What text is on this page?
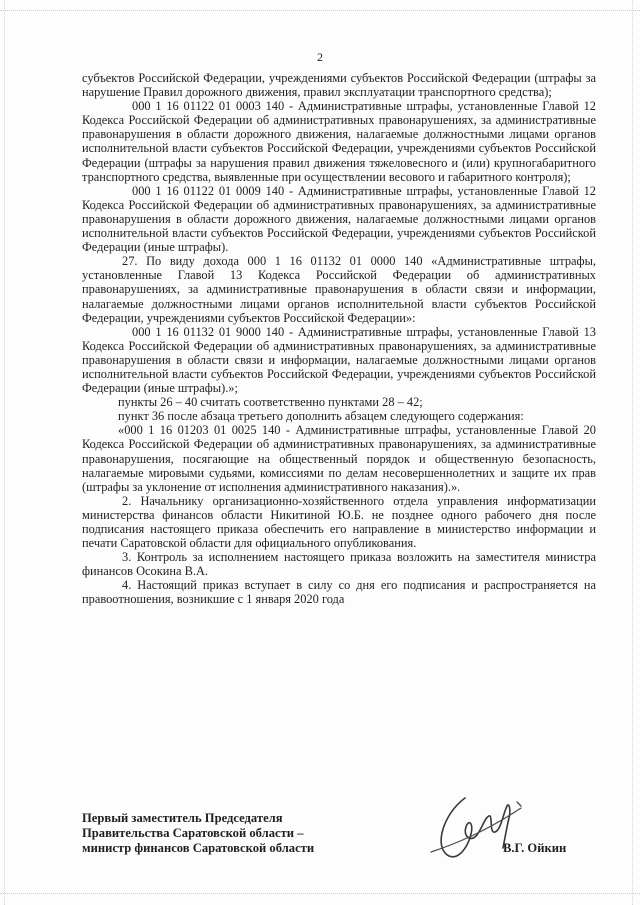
2

субъектов Российской Федерации, учреждениями субъектов Российской Федерации (штрафы за нарушение Правил дорожного движения, правил эксплуатации транспортного средства);

000 1 16 01122 01 0003 140 - Административные штрафы, установленные Главой 12 Кодекса Российской Федерации об административных правонарушениях, за административные правонарушения в области дорожного движения, налагаемые должностными лицами органов исполнительной власти субъектов Российской Федерации, учреждениями субъектов Российской Федерации (штрафы за нарушения правил движения тяжеловесного и (или) крупногабаритного транспортного средства, выявленные при осуществлении весового и габаритного контроля);

000 1 16 01122 01 0009 140 - Административные штрафы, установленные Главой 12 Кодекса Российской Федерации об административных правонарушениях, за административные правонарушения в области дорожного движения, налагаемые должностными лицами органов исполнительной власти субъектов Российской Федерации, учреждениями субъектов Российской Федерации (иные штрафы).

27. По виду дохода 000 1 16 01132 01 0000 140 «Административные штрафы, установленные Главой 13 Кодекса Российской Федерации об административных правонарушениях, за административные правонарушения в области связи и информации, налагаемые должностными лицами органов исполнительной власти субъектов Российской Федерации, учреждениями субъектов Российской Федерации»:

000 1 16 01132 01 9000 140 - Административные штрафы, установленные Главой 13 Кодекса Российской Федерации об административных правонарушениях, за административные правонарушения в области связи и информации, налагаемые должностными лицами органов исполнительной власти субъектов Российской Федерации, учреждениями субъектов Российской Федерации (иные штрафы).»;

пункты 26 – 40 считать соответственно пунктами 28 – 42;

пункт 36 после абзаца третьего дополнить абзацем следующего содержания:

«000 1 16 01203 01 0025 140 - Административные штрафы, установленные Главой 20 Кодекса Российской Федерации об административных правонарушениях, за административные правонарушения, посягающие на общественный порядок и общественную безопасность, налагаемые мировыми судьями, комиссиями по делам несовершеннолетних и защите их прав (штрафы за уклонение от исполнения административного наказания).».

2. Начальнику организационно-хозяйственного отдела управления информатизации министерства финансов области Никитиной Ю.Б. не позднее одного рабочего дня после подписания настоящего приказа обеспечить его направление в министерство информации и печати Саратовской области для официального опубликования.

3. Контроль за исполнением настоящего приказа возложить на заместителя министра финансов Осокина В.А.

4. Настоящий приказ вступает в силу со дня его подписания и распространяется на правоотношения, возникшие с 1 января 2020 года

Первый заместитель Председателя
Правительства Саратовской области –
министр финансов Саратовской области	В.Г. Ойкин
